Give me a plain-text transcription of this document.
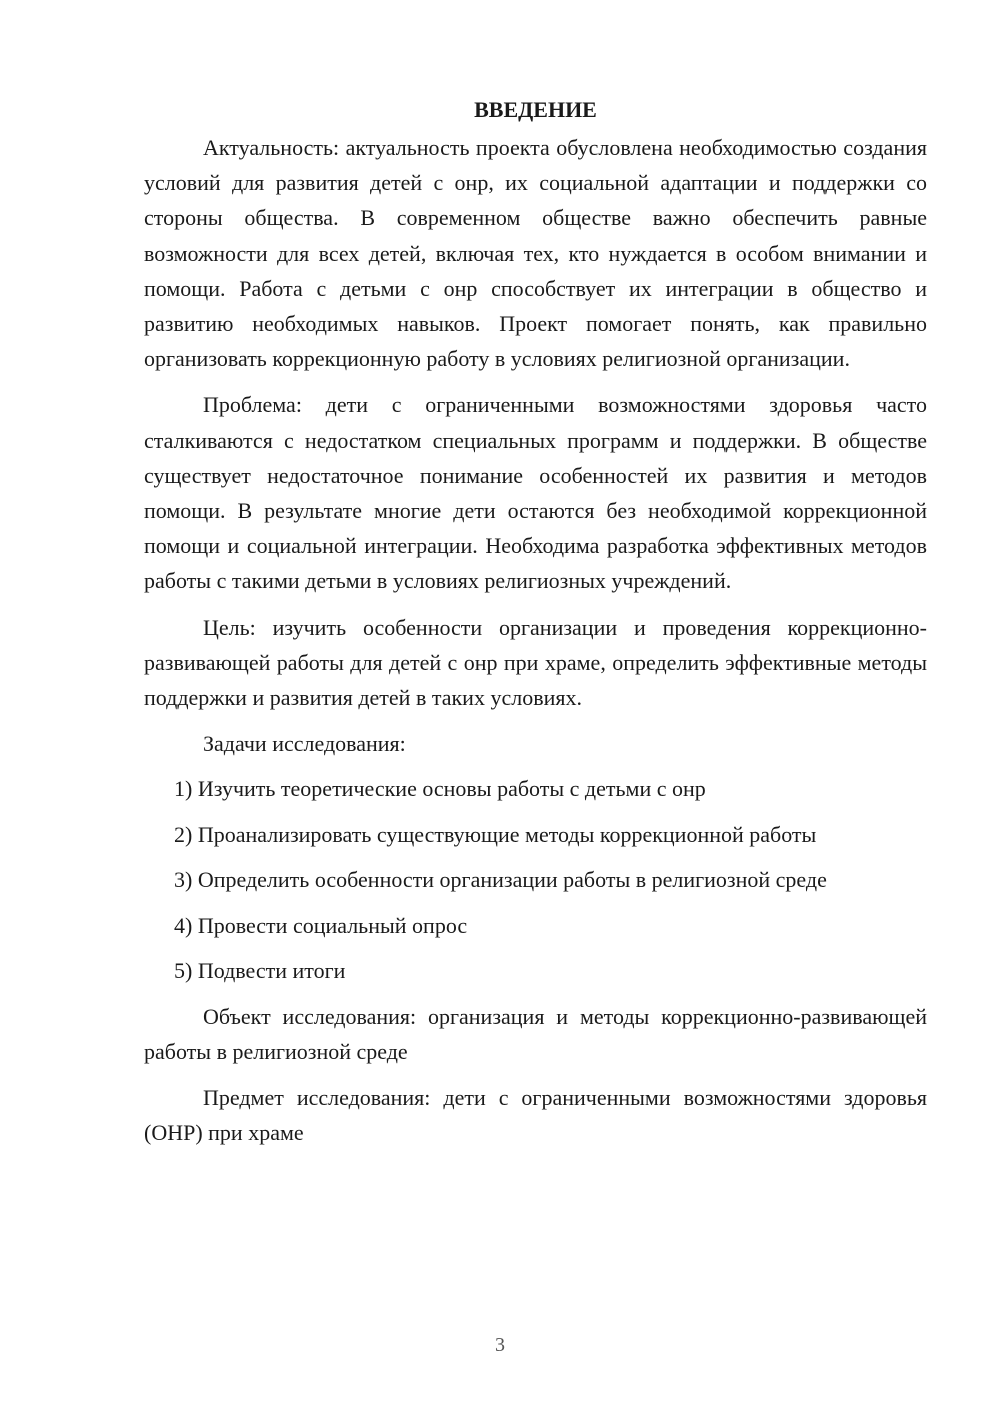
ВВЕДЕНИЕ

Актуальность: актуальность проекта обусловлена необходимостью создания условий для развития детей с онр, их социальной адаптации и поддержки со стороны общества. В современном обществе важно обеспечить равные возможности для всех детей, включая тех, кто нуждается в особом внимании и помощи. Работа с детьми с онр способствует их интеграции в общество и развитию необходимых навыков. Проект помогает понять, как правильно организовать коррекционную работу в условиях религиозной организации.

Проблема: дети с ограниченными возможностями здоровья часто сталкиваются с недостатком специальных программ и поддержки. В обществе существует недостаточное понимание особенностей их развития и методов помощи. В результате многие дети остаются без необходимой коррекционной помощи и социальной интеграции. Необходима разработка эффективных методов работы с такими детьми в условиях религиозных учреждений.

Цель: изучить особенности организации и проведения коррекционно-развивающей работы для детей с онр при храме, определить эффективные методы поддержки и развития детей в таких условиях.

Задачи исследования:

1) Изучить теоретические основы работы с детьми с онр
2) Проанализировать существующие методы коррекционной работы
3) Определить особенности организации работы в религиозной среде
4) Провести социальный опрос
5) Подвести итоги

Объект исследования: организация и методы коррекционно-развивающей работы в религиозной среде

Предмет исследования: дети с ограниченными возможностями здоровья (ОНР) при храме

3
